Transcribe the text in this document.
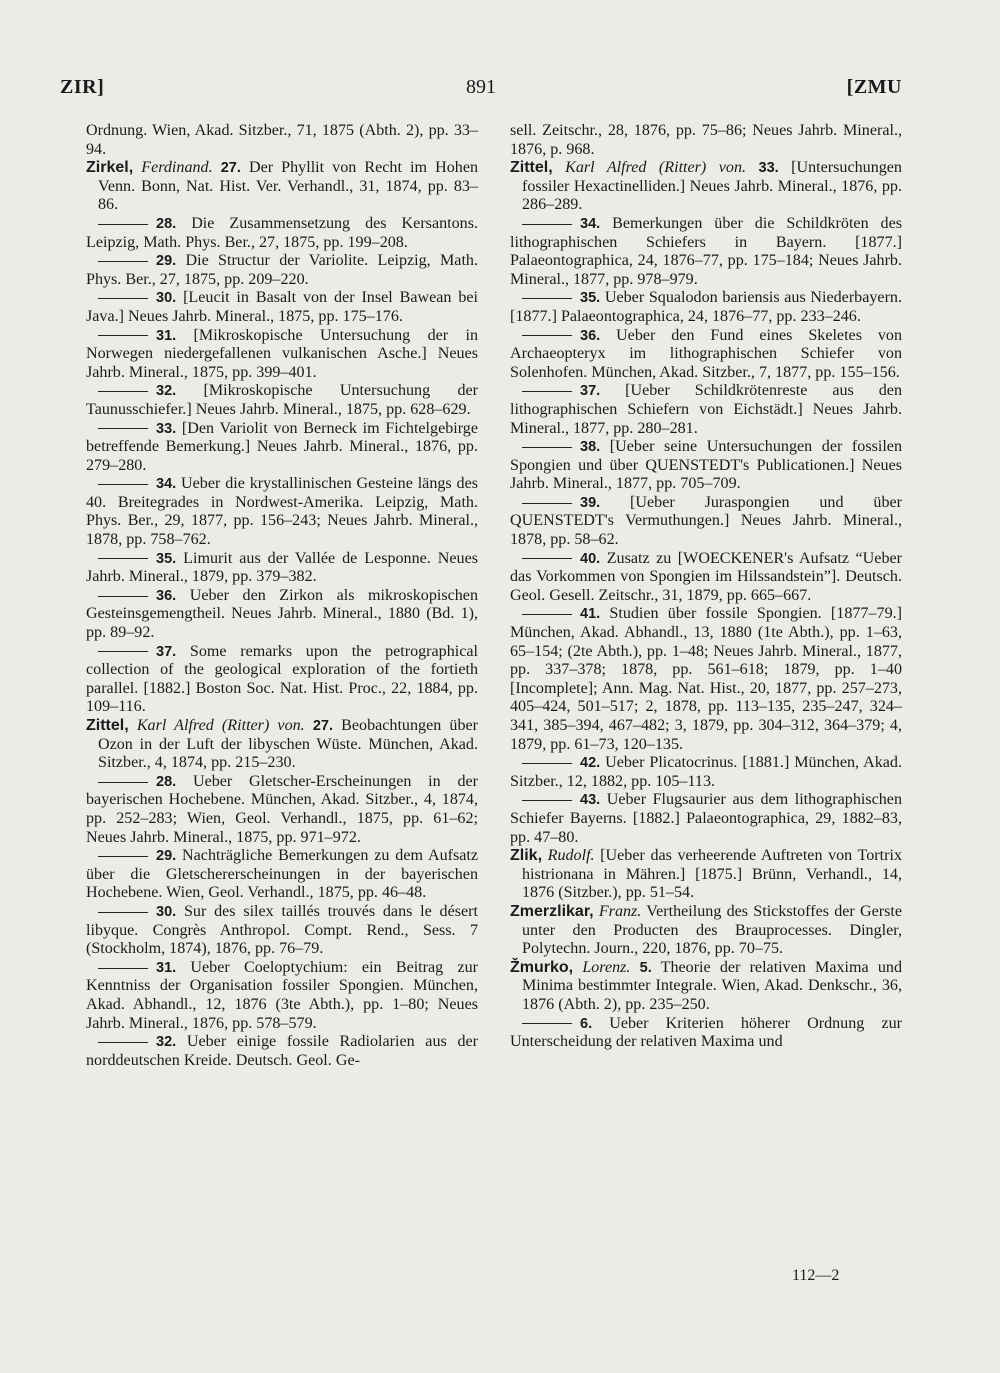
ZIR]	891	[ZMU
Ordnung. Wien, Akad. Sitzber., 71, 1875 (Abth. 2), pp. 33–94.
Zirkel, Ferdinand. 27. Der Phyllit von Recht im Hohen Venn. Bonn, Nat. Hist. Ver. Verhandl., 31, 1874, pp. 83–86.
28. Die Zusammensetzung des Kersantons. Leipzig, Math. Phys. Ber., 27, 1875, pp. 199–208.
29. Die Structur der Variolite. Leipzig, Math. Phys. Ber., 27, 1875, pp. 209–220.
30. [Leucit in Basalt von der Insel Bawean bei Java.] Neues Jahrb. Mineral., 1875, pp. 175–176.
31. [Mikroskopische Untersuchung der in Norwegen niedergefallenen vulkanischen Asche.] Neues Jahrb. Mineral., 1875, pp. 399–401.
32. [Mikroskopische Untersuchung der Taunusschiefer.] Neues Jahrb. Mineral., 1875, pp. 628–629.
33. [Den Variolit von Berneck im Fichtelgebirge betreffende Bemerkung.] Neues Jahrb. Mineral., 1876, pp. 279–280.
34. Ueber die krystallinischen Gesteine längs des 40. Breitegrades in Nordwest-Amerika. Leipzig, Math. Phys. Ber., 29, 1877, pp. 156–243; Neues Jahrb. Mineral., 1878, pp. 758–762.
35. Limurit aus der Vallée de Lesponne. Neues Jahrb. Mineral., 1879, pp. 379–382.
36. Ueber den Zirkon als mikroskopischen Gesteinsgemengtheil. Neues Jahrb. Mineral., 1880 (Bd. 1), pp. 89–92.
37. Some remarks upon the petrographical collection of the geological exploration of the fortieth parallel. [1882.] Boston Soc. Nat. Hist. Proc., 22, 1884, pp. 109–116.
Zittel, Karl Alfred (Ritter) von. 27. Beobachtungen über Ozon in der Luft der libyschen Wüste. München, Akad. Sitzber., 4, 1874, pp. 215–230.
28. Ueber Gletscher-Erscheinungen in der bayerischen Hochebene. München, Akad. Sitzber., 4, 1874, pp. 252–283; Wien, Geol. Verhandl., 1875, pp. 61–62; Neues Jahrb. Mineral., 1875, pp. 971–972.
29. Nachträgliche Bemerkungen zu dem Aufsatz über die Gletschererscheinungen in der bayerischen Hochebene. Wien, Geol. Verhandl., 1875, pp. 46–48.
30. Sur des silex taillés trouvés dans le désert libyque. Congrès Anthropol. Compt. Rend., Sess. 7 (Stockholm, 1874), 1876, pp. 76–79.
31. Ueber Coeloptychium: ein Beitrag zur Kenntniss der Organisation fossiler Spongien. München, Akad. Abhandl., 12, 1876 (3te Abth.), pp. 1–80; Neues Jahrb. Mineral., 1876, pp. 578–579.
32. Ueber einige fossile Radiolarien aus der norddeutschen Kreide. Deutsch. Geol. Ge-
sell. Zeitschr., 28, 1876, pp. 75–86; Neues Jahrb. Mineral., 1876, p. 968.
Zittel, Karl Alfred (Ritter) von. 33. [Untersuchungen fossiler Hexactinelliden.] Neues Jahrb. Mineral., 1876, pp. 286–289.
34. Bemerkungen über die Schildkröten des lithographischen Schiefers in Bayern. [1877.] Palaeontographica, 24, 1876–77, pp. 175–184; Neues Jahrb. Mineral., 1877, pp. 978–979.
35. Ueber Squalodon bariensis aus Niederbayern. [1877.] Palaeontographica, 24, 1876–77, pp. 233–246.
36. Ueber den Fund eines Skeletes von Archaeopteryx im lithographischen Schiefer von Solenhofen. München, Akad. Sitzber., 7, 1877, pp. 155–156.
37. [Ueber Schildkrötenreste aus den lithographischen Schiefern von Eichstädt.] Neues Jahrb. Mineral., 1877, pp. 280–281.
38. [Ueber seine Untersuchungen der fossilen Spongien und über QUENSTEDT's Publicationen.] Neues Jahrb. Mineral., 1877, pp. 705–709.
39. [Ueber Juraspongien und über QUENSTEDT's Vermuthungen.] Neues Jahrb. Mineral., 1878, pp. 58–62.
40. Zusatz zu [WOECKENER's Aufsatz “Ueber das Vorkommen von Spongien im Hilssandstein”]. Deutsch. Geol. Gesell. Zeitschr., 31, 1879, pp. 665–667.
41. Studien über fossile Spongien. [1877–79.] München, Akad. Abhandl., 13, 1880 (1te Abth.), pp. 1–63, 65–154; (2te Abth.), pp. 1–48; Neues Jahrb. Mineral., 1877, pp. 337–378; 1878, pp. 561–618; 1879, pp. 1–40 [Incomplete]; Ann. Mag. Nat. Hist., 20, 1877, pp. 257–273, 405–424, 501–517; 2, 1878, pp. 113–135, 235–247, 324–341, 385–394, 467–482; 3, 1879, pp. 304–312, 364–379; 4, 1879, pp. 61–73, 120–135.
42. Ueber Plicatocrinus. [1881.] München, Akad. Sitzber., 12, 1882, pp. 105–113.
43. Ueber Flugsaurier aus dem lithographischen Schiefer Bayerns. [1882.] Palaeontographica, 29, 1882–83, pp. 47–80.
Zlik, Rudolf. [Ueber das verheerende Auftreten von Tortrix histrionana in Mähren.] [1875.] Brünn, Verhandl., 14, 1876 (Sitzber.), pp. 51–54.
Zmerzlikar, Franz. Vertheilung des Stickstoffes der Gerste unter den Producten des Brauprocesses. Dingler, Polytechn. Journ., 220, 1876, pp. 70–75.
Žmurko, Lorenz. 5. Theorie der relativen Maxima und Minima bestimmter Integrale. Wien, Akad. Denkschr., 36, 1876 (Abth. 2), pp. 235–250.
6. Ueber Kriterien höherer Ordnung zur Unterscheidung der relativen Maxima und
112—2
